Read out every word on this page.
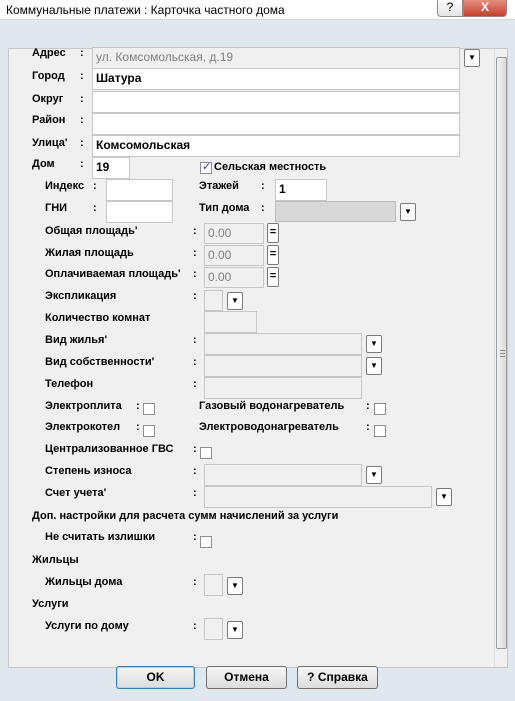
Коммунальные платежи : Карточка частного дома	?	X
Адрес :	ул. Комсомольская, д.19	▼
Город :	Шатура
Округ :
Район :
Улица' :	Комсомольская
Дом :	19
✓	Сельская местность
Индекс :	Этажей :	1
ГНИ :	Тип дома :	▼
Общая площадь'	: 0.00	=
Жилая площадь	: 0.00	=
Оплачиваемая площадь' : 0.00	=
Экспликация	:	▼
Количество комнат
Вид жилья'	:	▼
Вид собственности'	:	▼
Телефон	:
Электроплита :	Газовый водонагреватель :
Электрокотел :	Электроводонагреватель :
Централизованное ГВС :
Степень износа	:	▼
Счет учета'	:	▼
Доп. настройки для расчета сумм начислений за услуги
Не считать излишки	:
Жильцы
Жильцы дома	:	▼
Услуги
Услуги по дому	:	▼
OK	Отмена	? Справка
